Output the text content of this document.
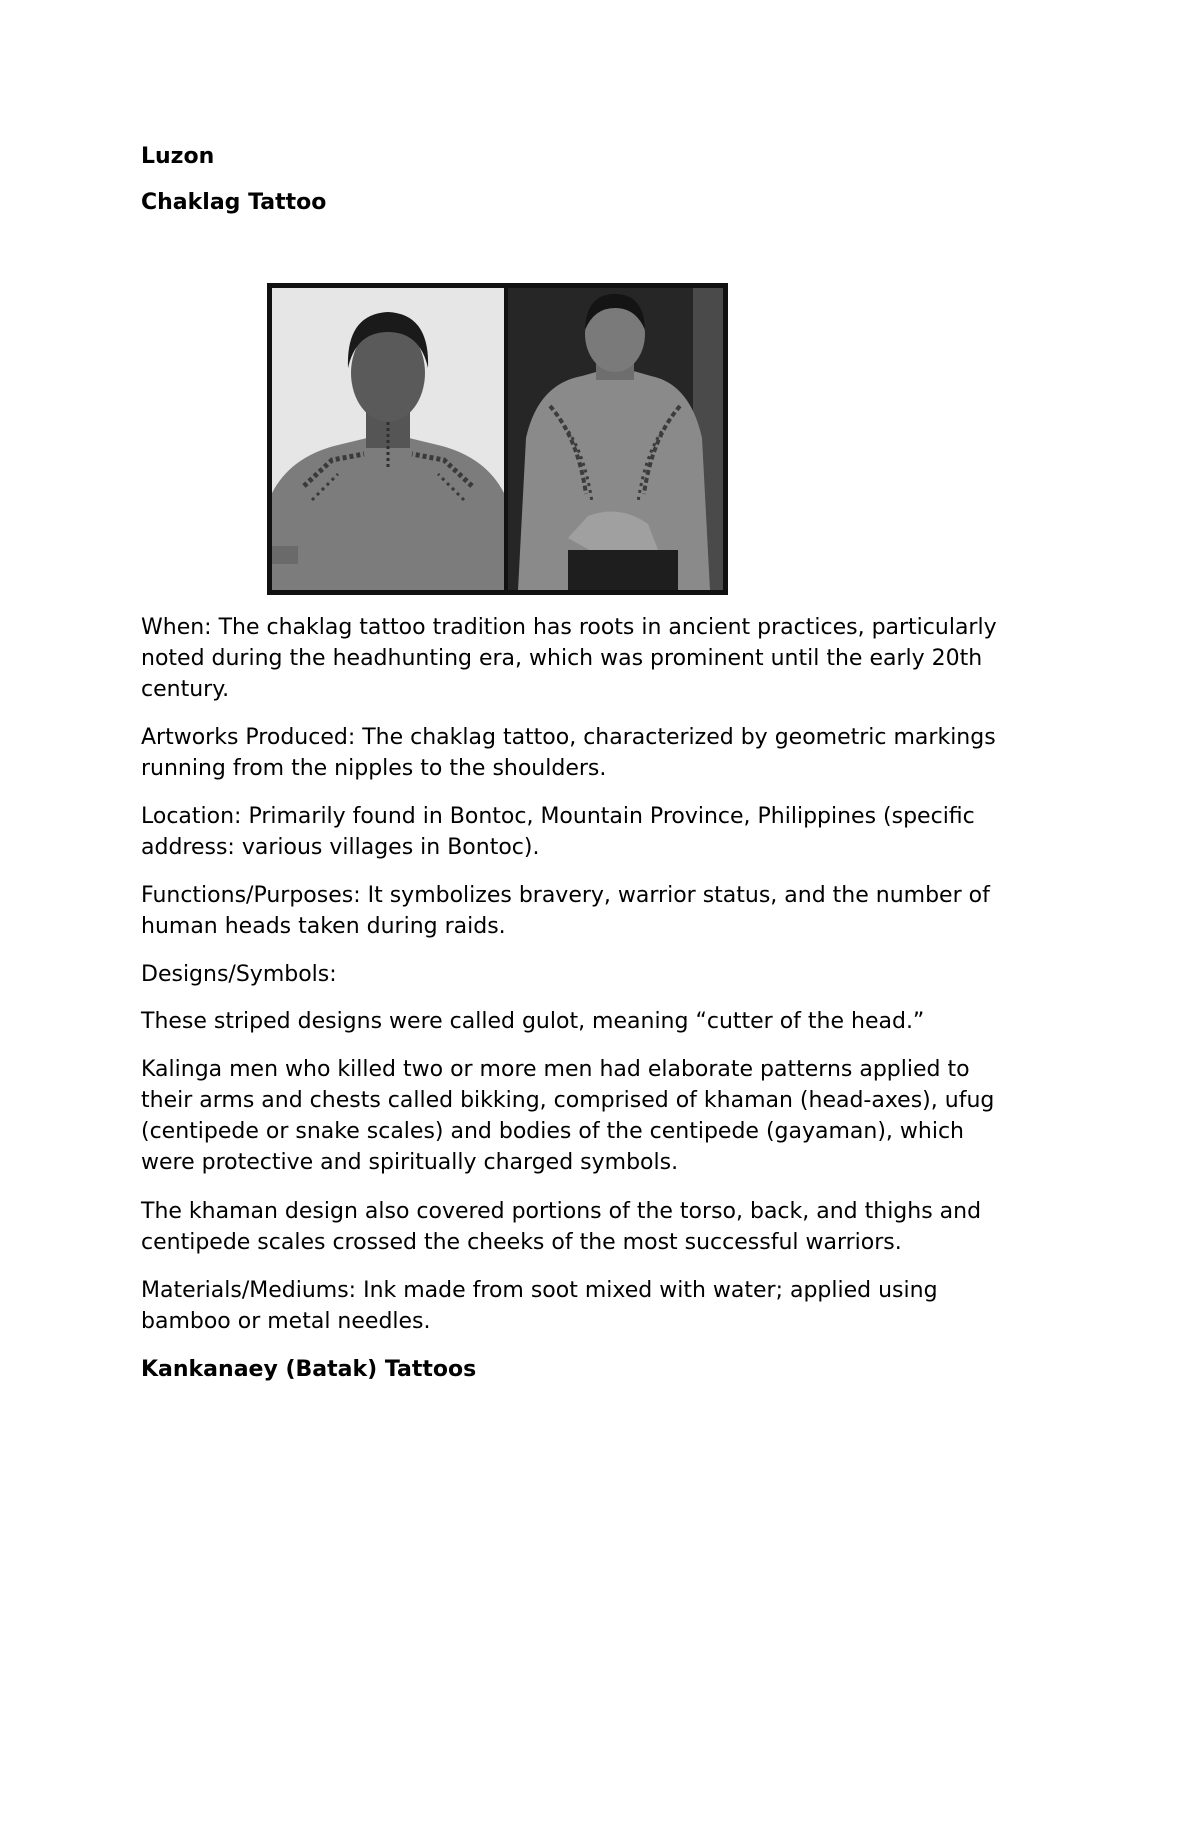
Luzon
Chaklag Tattoo
When: The chaklag tattoo tradition has roots in ancient practices, particularly
noted during the headhunting era, which was prominent until the early 20th
century.
Artworks Produced: The chaklag tattoo, characterized by geometric markings
running from the nipples to the shoulders.
Location: Primarily found in Bontoc, Mountain Province, Philippines (specific
address: various villages in Bontoc).
Functions/Purposes: It symbolizes bravery, warrior status, and the number of
human heads taken during raids.
Designs/Symbols:
These striped designs were called gulot, meaning “cutter of the head.”
Kalinga men who killed two or more men had elaborate patterns applied to
their arms and chests called bikking, comprised of khaman (head-axes), ufug
(centipede or snake scales) and bodies of the centipede (gayaman), which
were protective and spiritually charged symbols.
The khaman design also covered portions of the torso, back, and thighs and
centipede scales crossed the cheeks of the most successful warriors.
Materials/Mediums: Ink made from soot mixed with water; applied using
bamboo or metal needles.
Kankanaey (Batak) Tattoos
